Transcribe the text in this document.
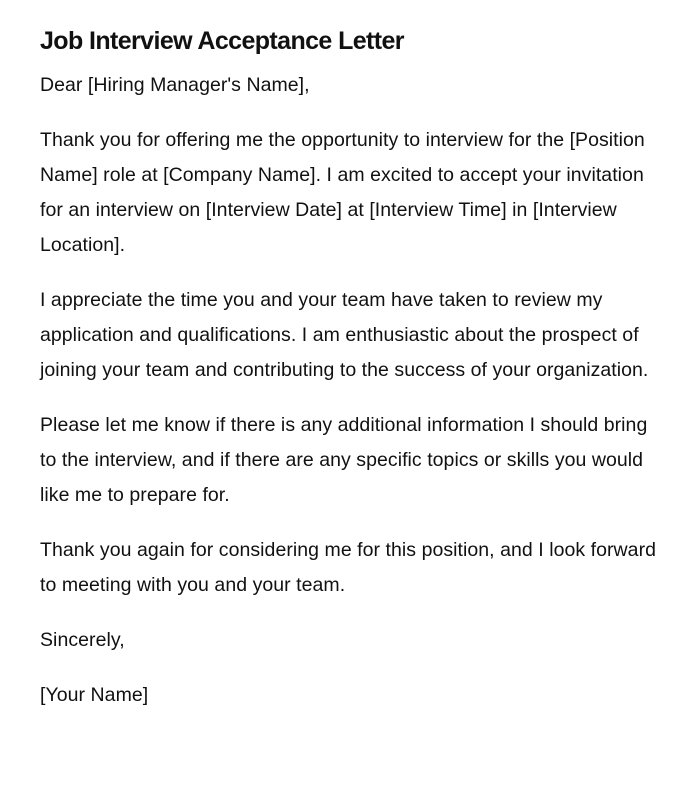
Job Interview Acceptance Letter

Dear [Hiring Manager's Name],

Thank you for offering me the opportunity to interview for the [Position Name] role at [Company Name]. I am excited to accept your invitation for an interview on [Interview Date] at [Interview Time] in [Interview Location].

I appreciate the time you and your team have taken to review my application and qualifications. I am enthusiastic about the prospect of joining your team and contributing to the success of your organization.

Please let me know if there is any additional information I should bring to the interview, and if there are any specific topics or skills you would like me to prepare for.

Thank you again for considering me for this position, and I look forward to meeting with you and your team.

Sincerely,

[Your Name]
